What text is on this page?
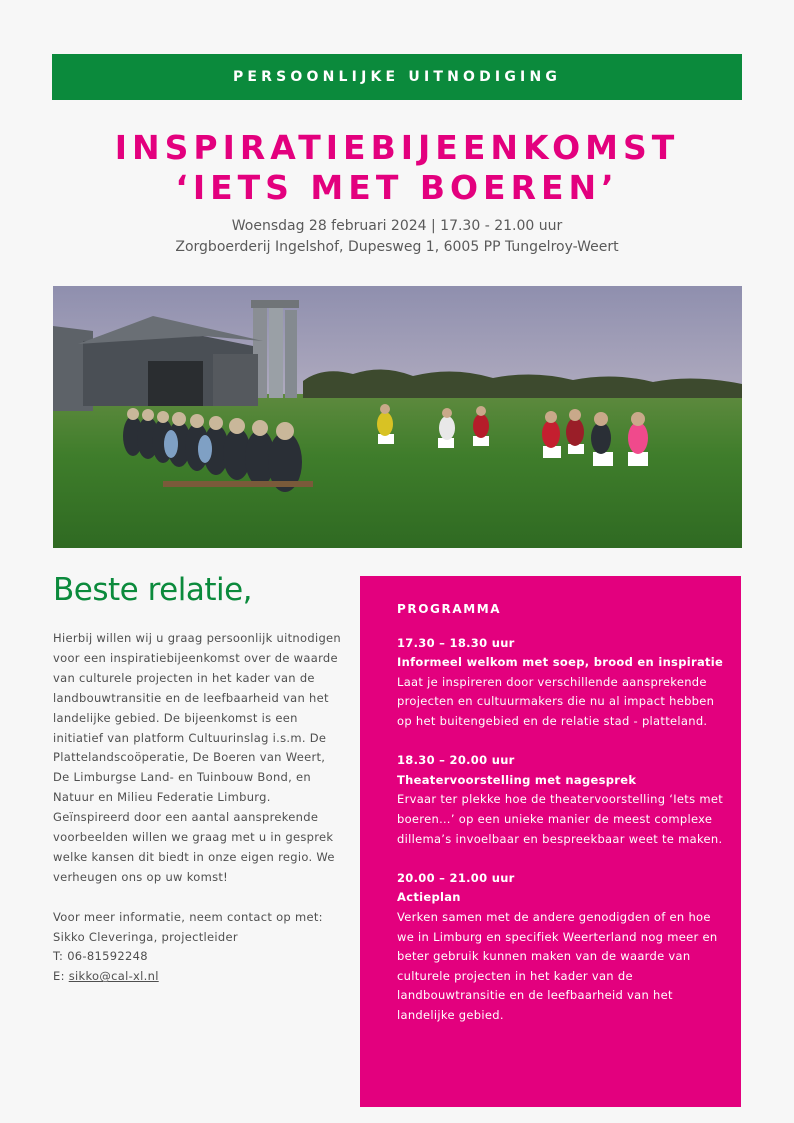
PERSOONLIJKE UITNODIGING
INSPIRATIEBIJEENKOMST
‘IETS MET BOEREN’
Woensdag 28 februari 2024 | 17.30 - 21.00 uur
Zorgboerderij Ingelshof, Dupesweg 1, 6005 PP Tungelroy-Weert
Beste relatie,

Hierbij willen wij u graag persoonlijk uitnodigen voor een inspiratiebijeenkomst over de waarde van culturele projecten in het kader van de landbouwtransitie en de leefbaarheid van het landelijke gebied. De bijeenkomst is een initiatief van platform Cultuurinslag i.s.m. De Plattelandscoöperatie, De Boeren van Weert, De Limburgse Land- en Tuinbouw Bond, en Natuur en Milieu Federatie Limburg. Geïnspireerd door een aantal aansprekende voorbeelden willen we graag met u in gesprek welke kansen dit biedt in onze eigen regio. We verheugen ons op uw komst!

Voor meer informatie, neem contact op met:
Sikko Cleveringa, projectleider
T: 06-81592248
E: sikko@cal-xl.nl
PROGRAMMA
17.30 – 18.30 uur
Informeel welkom met soep, brood en inspiratie
Laat je inspireren door verschillende aansprekende projecten en cultuurmakers die nu al impact hebben op het buitengebied en de relatie stad - platteland.
18.30 – 20.00 uur
Theatervoorstelling met nagesprek
Ervaar ter plekke hoe de theatervoorstelling ‘Iets met boeren…’ op een unieke manier de meest complexe dillema’s invoelbaar en bespreekbaar weet te maken.
20.00 – 21.00 uur
Actieplan
Verken samen met de andere genodigden of en hoe we in Limburg en specifiek Weerterland nog meer en beter gebruik kunnen maken van de waarde van culturele projecten in het kader van de landbouwtransitie en de leefbaarheid van het landelijke gebied.
